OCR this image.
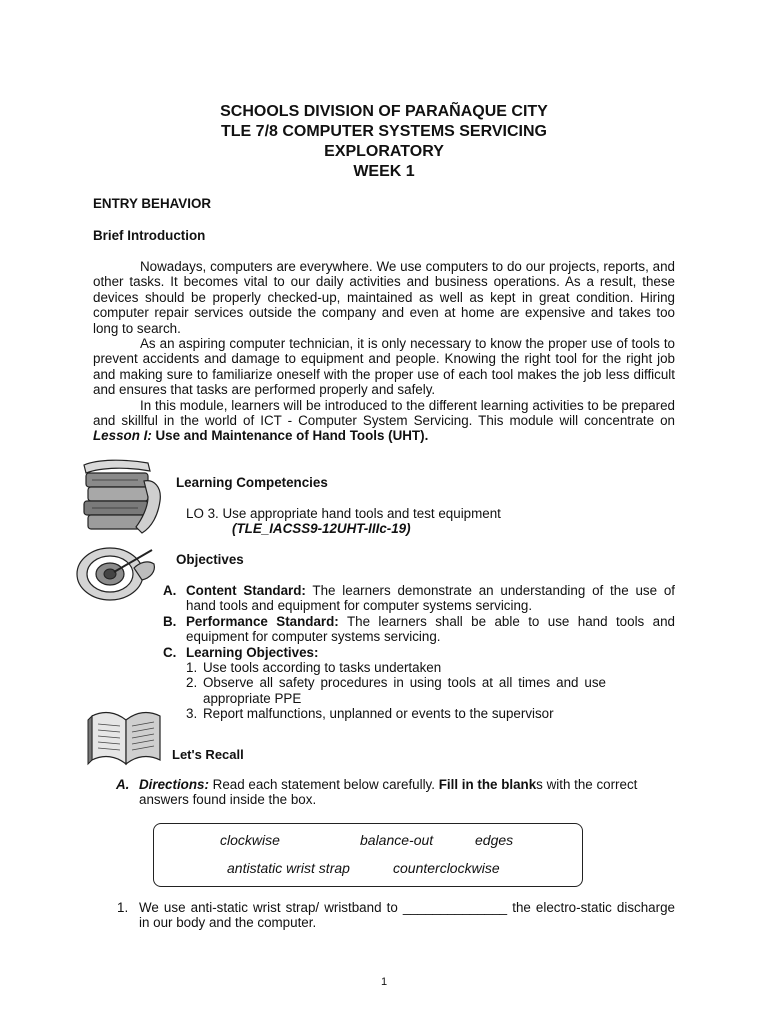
SCHOOLS DIVISION OF PARAÑAQUE CITY
TLE 7/8 COMPUTER SYSTEMS SERVICING
EXPLORATORY
WEEK 1
ENTRY BEHAVIOR
Brief Introduction

Nowadays, computers are everywhere. We use computers to do our projects, reports, and other tasks. It becomes vital to our daily activities and business operations. As a result, these devices should be properly checked-up, maintained as well as kept in great condition. Hiring computer repair services outside the company and even at home are expensive and takes too long to search.

As an aspiring computer technician, it is only necessary to know the proper use of tools to prevent accidents and damage to equipment and people. Knowing the right tool for the right job and making sure to familiarize oneself with the proper use of each tool makes the job less difficult and ensures that tasks are performed properly and safely.

In this module, learners will be introduced to the different learning activities to be prepared and skillful in the world of ICT - Computer System Servicing. This module will concentrate on Lesson I: Use and Maintenance of Hand Tools (UHT).

Learning Competencies
LO 3. Use appropriate hand tools and test equipment
(TLE_IACSS9-12UHT-IIIc-19)
Objectives
A. Content Standard: The learners demonstrate an understanding of the use of hand tools and equipment for computer systems servicing.
B. Performance Standard: The learners shall be able to use hand tools and equipment for computer systems servicing.
C. Learning Objectives:
1. Use tools according to tasks undertaken
2. Observe all safety procedures in using tools at all times and use appropriate PPE
3. Report malfunctions, unplanned or events to the supervisor
Let's Recall
A. Directions: Read each statement below carefully. Fill in the blanks with the correct answers found inside the box.
clockwise	balance-out	edges
antistatic wrist strap	counterclockwise
1. We use anti-static wrist strap/ wristband to ______________ the electro-static discharge in our body and the computer.
1
